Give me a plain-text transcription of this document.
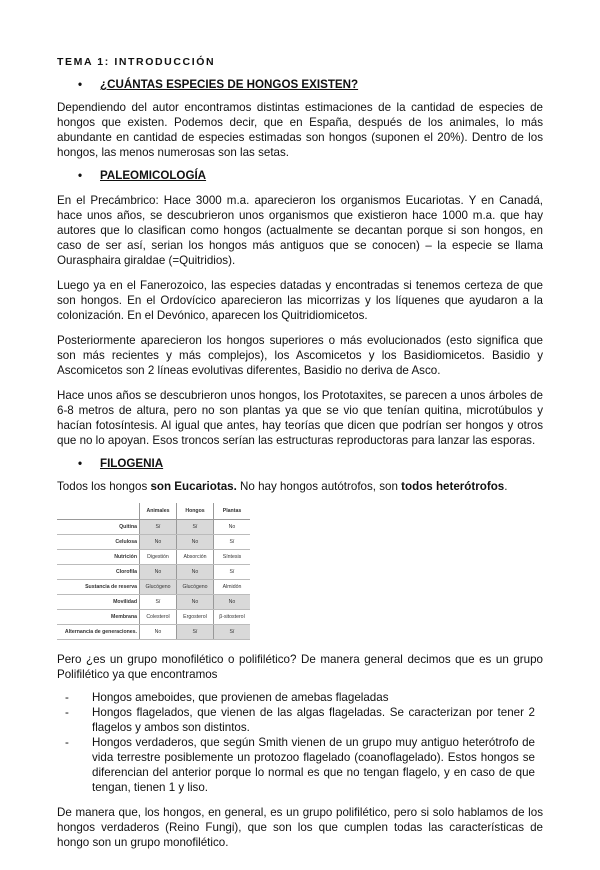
TEMA 1: INTRODUCCIÓN
• ¿CUÁNTAS ESPECIES DE HONGOS EXISTEN?

Dependiendo del autor encontramos distintas estimaciones de la cantidad de especies de hongos que existen. Podemos decir, que en España, después de los animales, lo más abundante en cantidad de especies estimadas son hongos (suponen el 20%). Dentro de los hongos, las menos numerosas son las setas.

• PALEOMICOLOGÍA

En el Precámbrico: Hace 3000 m.a. aparecieron los organismos Eucariotas. Y en Canadá, hace unos años, se descubrieron unos organismos que existieron hace 1000 m.a. que hay autores que lo clasifican como hongos (actualmente se decantan porque si son hongos, en caso de ser así, serian los hongos más antiguos que se conocen) – la especie se llama Ourasphaira giraldae (=Quitridios).

Luego ya en el Fanerozoico, las especies datadas y encontradas si tenemos certeza de que son hongos. En el Ordovícico aparecieron las micorrizas y los líquenes que ayudaron a la colonización. En el Devónico, aparecen los Quitridiomicetos.

Posteriormente aparecieron los hongos superiores o más evolucionados (esto significa que son más recientes y más complejos), los Ascomicetos y los Basidiomicetos. Basidio y Ascomicetos son 2 líneas evolutivas diferentes, Basidio no deriva de Asco.

Hace unos años se descubrieron unos hongos, los Prototaxites, se parecen a unos árboles de 6-8 metros de altura, pero no son plantas ya que se vio que tenían quitina, microtúbulos y hacían fotosíntesis. Al igual que antes, hay teorías que dicen que podrían ser hongos y otros que no lo apoyan. Esos troncos serían las estructuras reproductoras para lanzar las esporas.

• FILOGENIA

Todos los hongos son Eucariotas. No hay hongos autótrofos, son todos heterótrofos.

	Animales	Hongos	Plantas
Quitina	Sí	Sí	No
Celulosa	No	No	Sí
Nutrición	Digestión	Absorción	Síntesis
Clorofila	No	No	Sí
Sustancia de reserva	Glucógeno	Glucógeno	Almidón
Movilidad	Sí	No	No
Membrana	Colesterol	Ergosterol	β-sitosterol
Alternancia de generaciones.	No	Sí	Sí

Pero ¿es un grupo monofilético o polifilético? De manera general decimos que es un grupo Polifilético ya que encontramos

- Hongos ameboides, que provienen de amebas flageladas
- Hongos flagelados, que vienen de las algas flageladas. Se caracterizan por tener 2 flagelos y ambos son distintos.
- Hongos verdaderos, que según Smith vienen de un grupo muy antiguo heterótrofo de vida terrestre posiblemente un protozoo flagelado (coanoflagelado). Estos hongos se diferencian del anterior porque lo normal es que no tengan flagelo, y en caso de que tengan, tienen 1 y liso.

De manera que, los hongos, en general, es un grupo polifilético, pero si solo hablamos de los hongos verdaderos (Reino Fungi), que son los que cumplen todas las características de hongo son un grupo monofilético.
